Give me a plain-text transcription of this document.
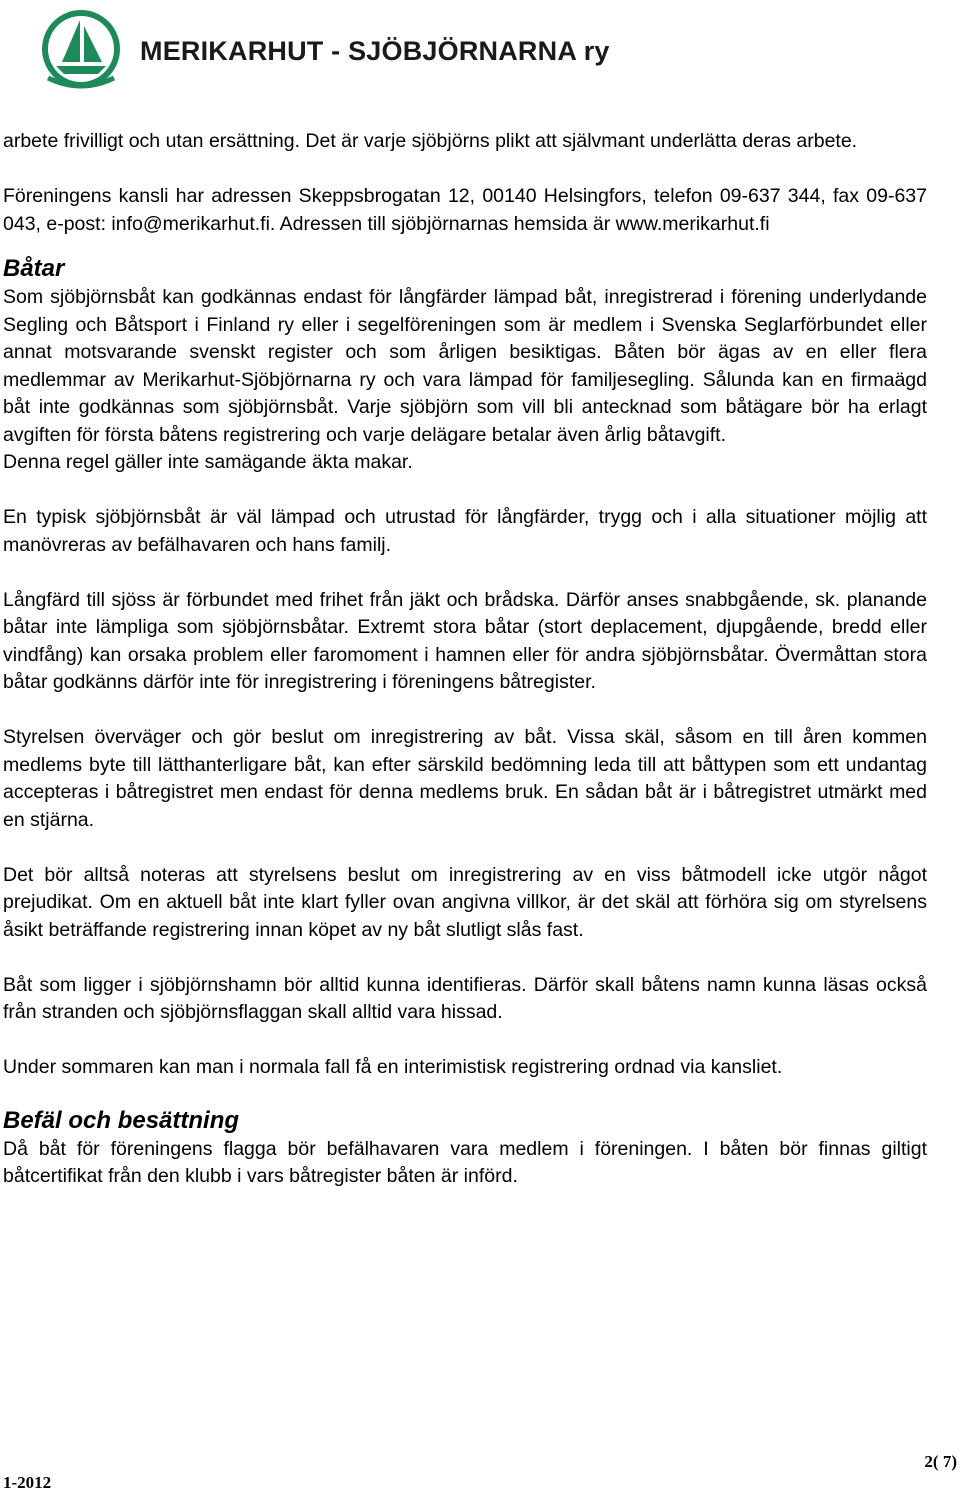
MERIKARHUT - SJÖBJÖRNARNA ry

arbete frivilligt och utan ersättning. Det är varje sjöbjörns plikt att självmant underlätta deras arbete.

Föreningens kansli har adressen Skeppsbrogatan 12, 00140 Helsingfors, telefon 09-637 344, fax 09-637 043, e-post: info@merikarhut.fi. Adressen till sjöbjörnarnas hemsida är www.merikarhut.fi

Båtar

Som sjöbjörnsbåt kan godkännas endast för långfärder lämpad båt, inregistrerad i förening underlydande Segling och Båtsport i Finland ry eller i segelföreningen som är medlem i Svenska Seglarförbundet eller annat motsvarande svenskt register och som årligen besiktigas. Båten bör ägas av en eller flera medlemmar av Merikarhut-Sjöbjörnarna ry och vara lämpad för familjesegling. Sålunda kan en firmaägd båt inte godkännas som sjöbjörnsbåt. Varje sjöbjörn som vill bli antecknad som båtägare bör ha erlagt avgiften för första båtens registrering och varje delägare betalar även årlig båtavgift.

Denna regel gäller inte samägande äkta makar.

En typisk sjöbjörnsbåt är väl lämpad och utrustad för långfärder, trygg och i alla situationer möjlig att manövreras av befälhavaren och hans familj.

Långfärd till sjöss är förbundet med frihet från jäkt och brådska. Därför anses snabbgående, sk. planande båtar inte lämpliga som sjöbjörnsbåtar. Extremt stora båtar (stort deplacement, djupgående, bredd eller vindfång) kan orsaka problem eller faromoment i hamnen eller för andra sjöbjörnsbåtar. Övermåttan stora båtar godkänns därför inte för inregistrering i föreningens båtregister.

Styrelsen överväger och gör beslut om inregistrering av båt. Vissa skäl, såsom en till åren kommen medlems byte till lätthanterligare båt, kan efter särskild bedömning leda till att båttypen som ett undantag accepteras i båtregistret men endast för denna medlems bruk. En sådan båt är i båtregistret utmärkt med en stjärna.

Det bör alltså noteras att styrelsens beslut om inregistrering av en viss båtmodell icke utgör något prejudikat. Om en aktuell båt inte klart fyller ovan angivna villkor, är det skäl att förhöra sig om styrelsens åsikt beträffande registrering innan köpet av ny båt slutligt slås fast.

Båt som ligger i sjöbjörnshamn bör alltid kunna identifieras. Därför skall båtens namn kunna läsas också från stranden och sjöbjörnsflaggan skall alltid vara hissad.

Under sommaren kan man i normala fall få en interimistisk registrering ordnad via kansliet.

Befäl och besättning

Då båt för föreningens flagga bör befälhavaren vara medlem i föreningen. I båten bör finnas giltigt båtcertifikat från den klubb i vars båtregister båten är införd.

1-2012
2( 7)
